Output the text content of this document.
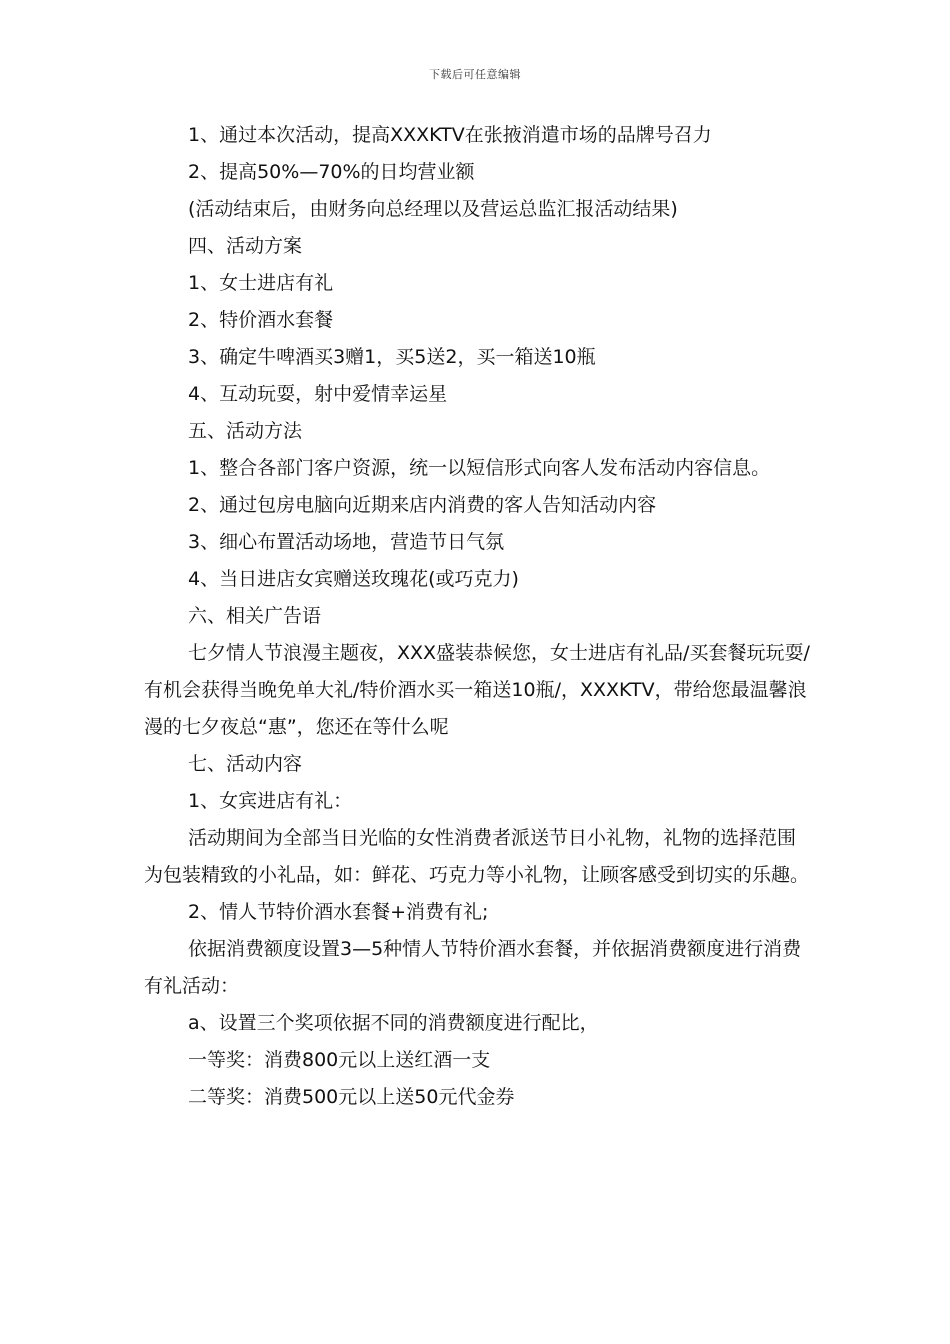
下载后可任意编辑

1、通过本次活动，提高XXXKTV在张掖消遣市场的品牌号召力

2、提高50%—70%的日均营业额

(活动结束后，由财务向总经理以及营运总监汇报活动结果)

四、活动方案

1、女士进店有礼

2、特价酒水套餐

3、确定牛啤酒买3赠1，买5送2，买一箱送10瓶

4、互动玩耍，射中爱情幸运星

五、活动方法

1、整合各部门客户资源，统一以短信形式向客人发布活动内容信息。

2、通过包房电脑向近期来店内消费的客人告知活动内容

3、细心布置活动场地，营造节日气氛

4、当日进店女宾赠送玫瑰花(或巧克力)

六、相关广告语

七夕情人节浪漫主题夜，XXX盛装恭候您，女士进店有礼品/买套餐玩玩耍/有机会获得当晚免单大礼/特价酒水买一箱送10瓶/，XXXKTV，带给您最温馨浪漫的七夕夜总“惠”，您还在等什么呢

七、活动内容

1、女宾进店有礼：

活动期间为全部当日光临的女性消费者派送节日小礼物，礼物的选择范围为包装精致的小礼品，如：鲜花、巧克力等小礼物，让顾客感受到切实的乐趣。

2、情人节特价酒水套餐+消费有礼;

依据消费额度设置3—5种情人节特价酒水套餐，并依据消费额度进行消费有礼活动：

a、设置三个奖项依据不同的消费额度进行配比，

一等奖：消费800元以上送红酒一支

二等奖：消费500元以上送50元代金券
